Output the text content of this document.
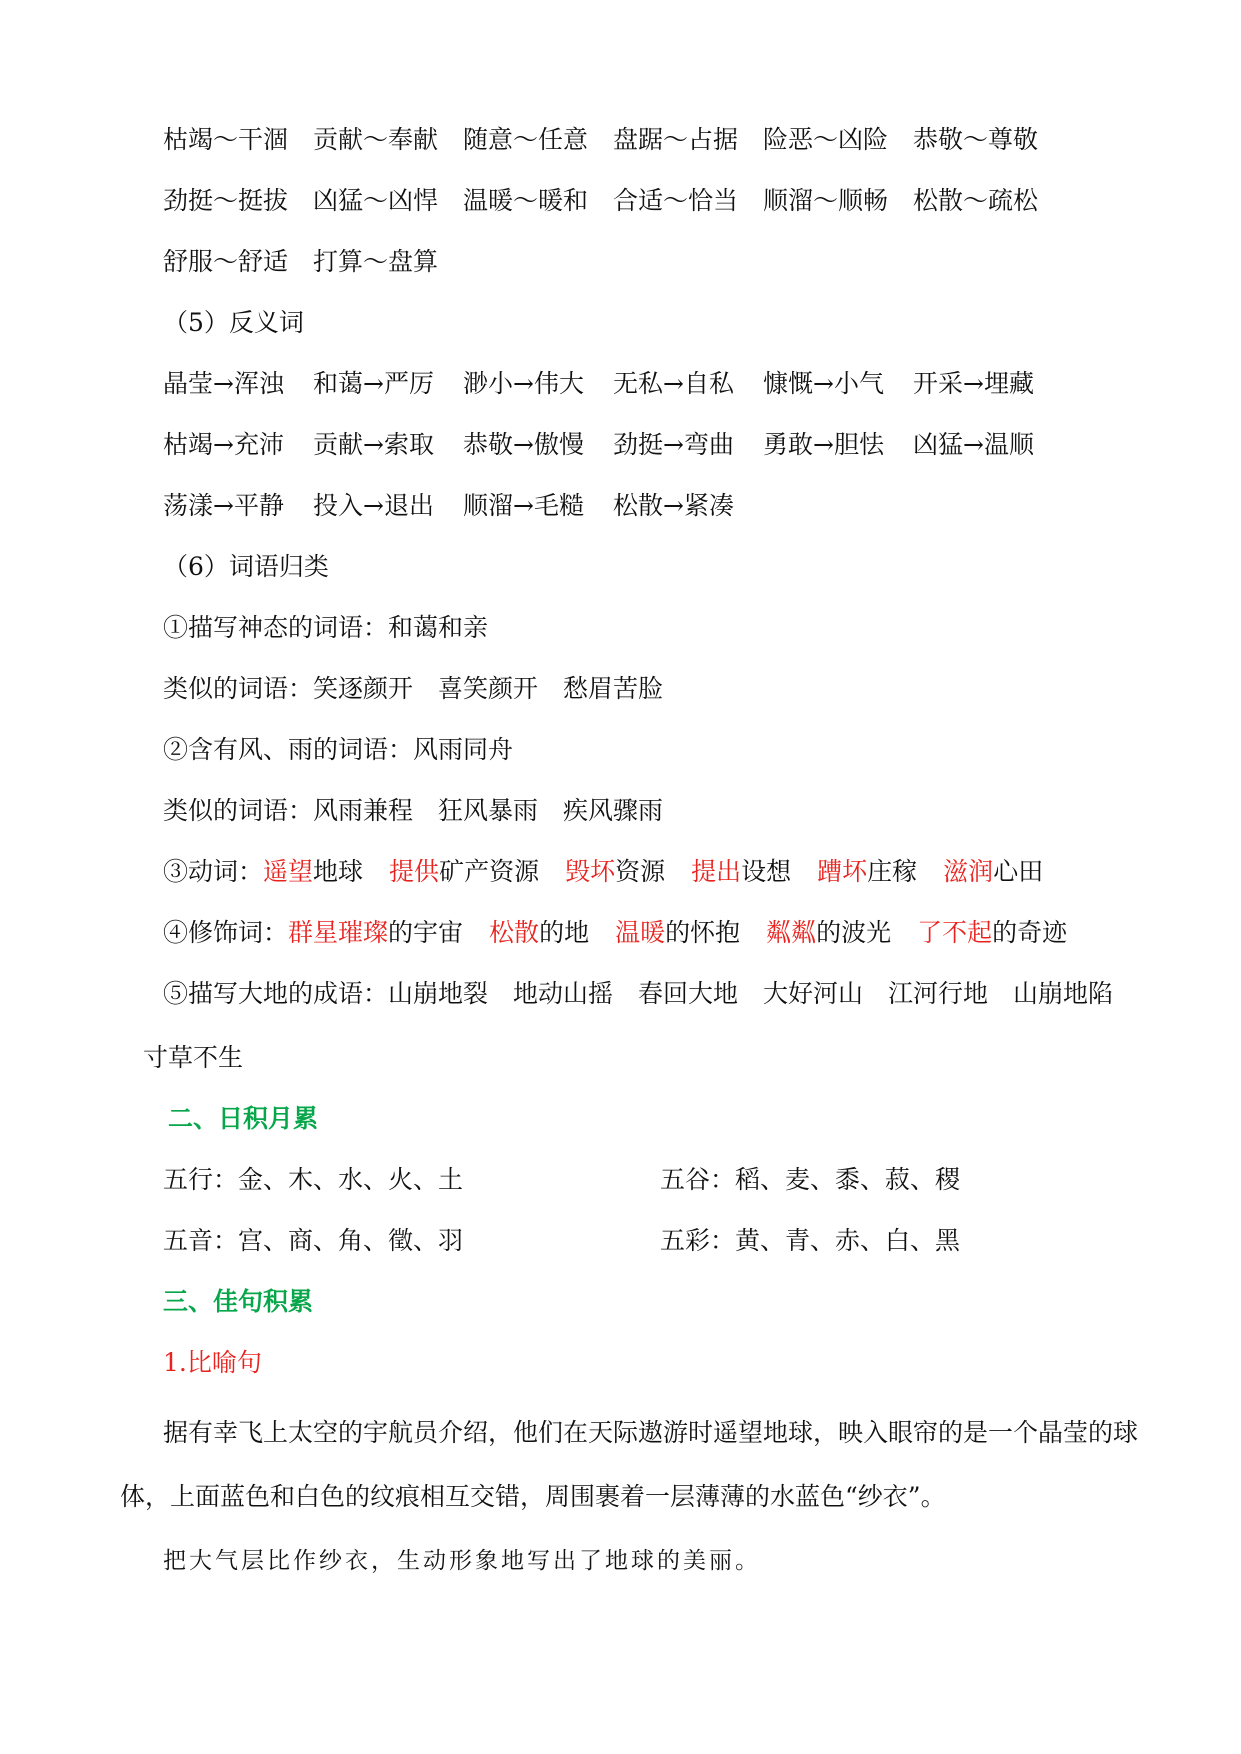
枯竭～干涸 贡献～奉献 随意～任意 盘踞～占据 险恶～凶险 恭敬～尊敬
劲挺～挺拔 凶猛～凶悍 温暖～暖和 合适～恰当 顺溜～顺畅 松散～疏松
舒服～舒适 打算～盘算
（5）反义词
晶莹→浑浊 和蔼→严厉 渺小→伟大 无私→自私 慷慨→小气 开采→埋藏
枯竭→充沛 贡献→索取 恭敬→傲慢 劲挺→弯曲 勇敢→胆怯 凶猛→温顺
荡漾→平静 投入→退出 顺溜→毛糙 松散→紧凑
（6）词语归类
①描写神态的词语：和蔼和亲
类似的词语：笑逐颜开　喜笑颜开　愁眉苦脸
②含有风、雨的词语：风雨同舟
类似的词语：风雨兼程　狂风暴雨　疾风骤雨
③动词：遥望地球 提供矿产资源 毁坏资源 提出设想 蹧坏庄稼 滋润心田
④修饰词：群星璀璨的宇宙 松散的地 温暖的怀抱 粼粼的波光 了不起的奇迹
⑤描写大地的成语：山崩地裂　地动山摇　春回大地　大好河山　江河行地　山崩地陷
寸草不生
二、日积月累
五行：金、木、水、火、土	五谷：稻、麦、黍、菽、稷
五音：宫、商、角、徵、羽	五彩：黄、青、赤、白、黑
三、佳句积累
1.比喻句
据有幸飞上太空的宇航员介绍，他们在天际遨游时遥望地球，映入眼帘的是一个晶莹的球
体，上面蓝色和白色的纹痕相互交错，周围裹着一层薄薄的水蓝色“纱衣”。
把大气层比作纱衣，生动形象地写出了地球的美丽。
